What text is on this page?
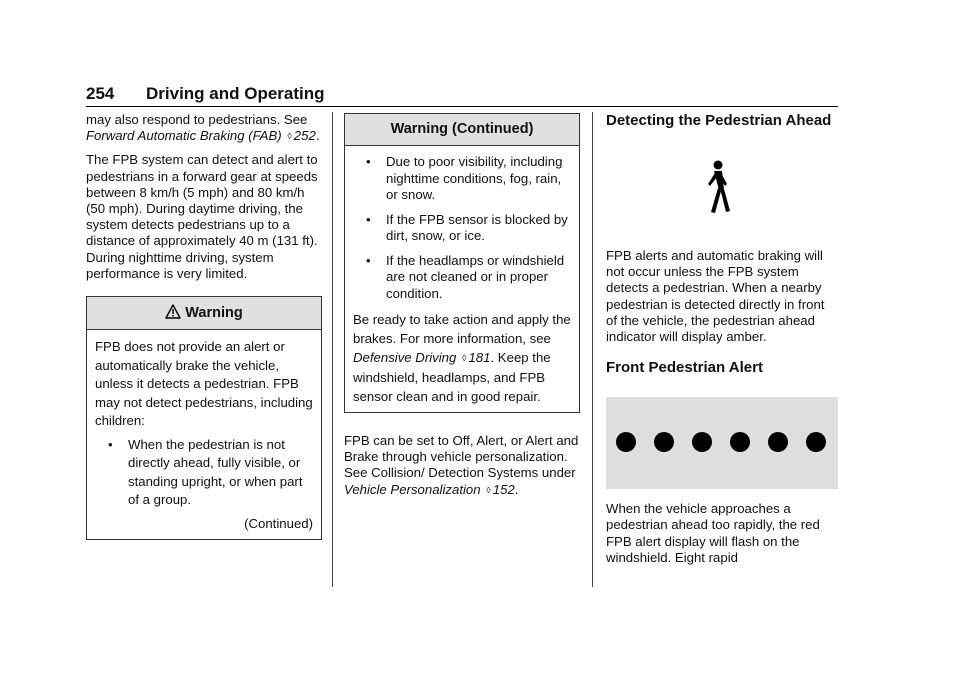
254 Driving and Operating

may also respond to pedestrians. See Forward Automatic Braking (FAB) ◊ 252.

The FPB system can detect and alert to pedestrians in a forward gear at speeds between 8 km/h (5 mph) and 80 km/h (50 mph). During daytime driving, the system detects pedestrians up to a distance of approximately 40 m (131 ft). During nighttime driving, system performance is very limited.

Warning
FPB does not provide an alert or automatically brake the vehicle, unless it detects a pedestrian. FPB may not detect pedestrians, including children:
• When the pedestrian is not directly ahead, fully visible, or standing upright, or when part of a group.
(Continued)
Warning (Continued)
• Due to poor visibility, including nighttime conditions, fog, rain, or snow.
• If the FPB sensor is blocked by dirt, snow, or ice.
• If the headlamps or windshield are not cleaned or in proper condition.

Be ready to take action and apply the brakes. For more information, see Defensive Driving ◊ 181. Keep the windshield, headlamps, and FPB sensor clean and in good repair.

FPB can be set to Off, Alert, or Alert and Brake through vehicle personalization. See Collision/ Detection Systems under Vehicle Personalization ◊ 152.

Detecting the Pedestrian Ahead

FPB alerts and automatic braking will not occur unless the FPB system detects a pedestrian. When a nearby pedestrian is detected directly in front of the vehicle, the pedestrian ahead indicator will display amber.

Front Pedestrian Alert

When the vehicle approaches a pedestrian ahead too rapidly, the red FPB alert display will flash on the windshield. Eight rapid
